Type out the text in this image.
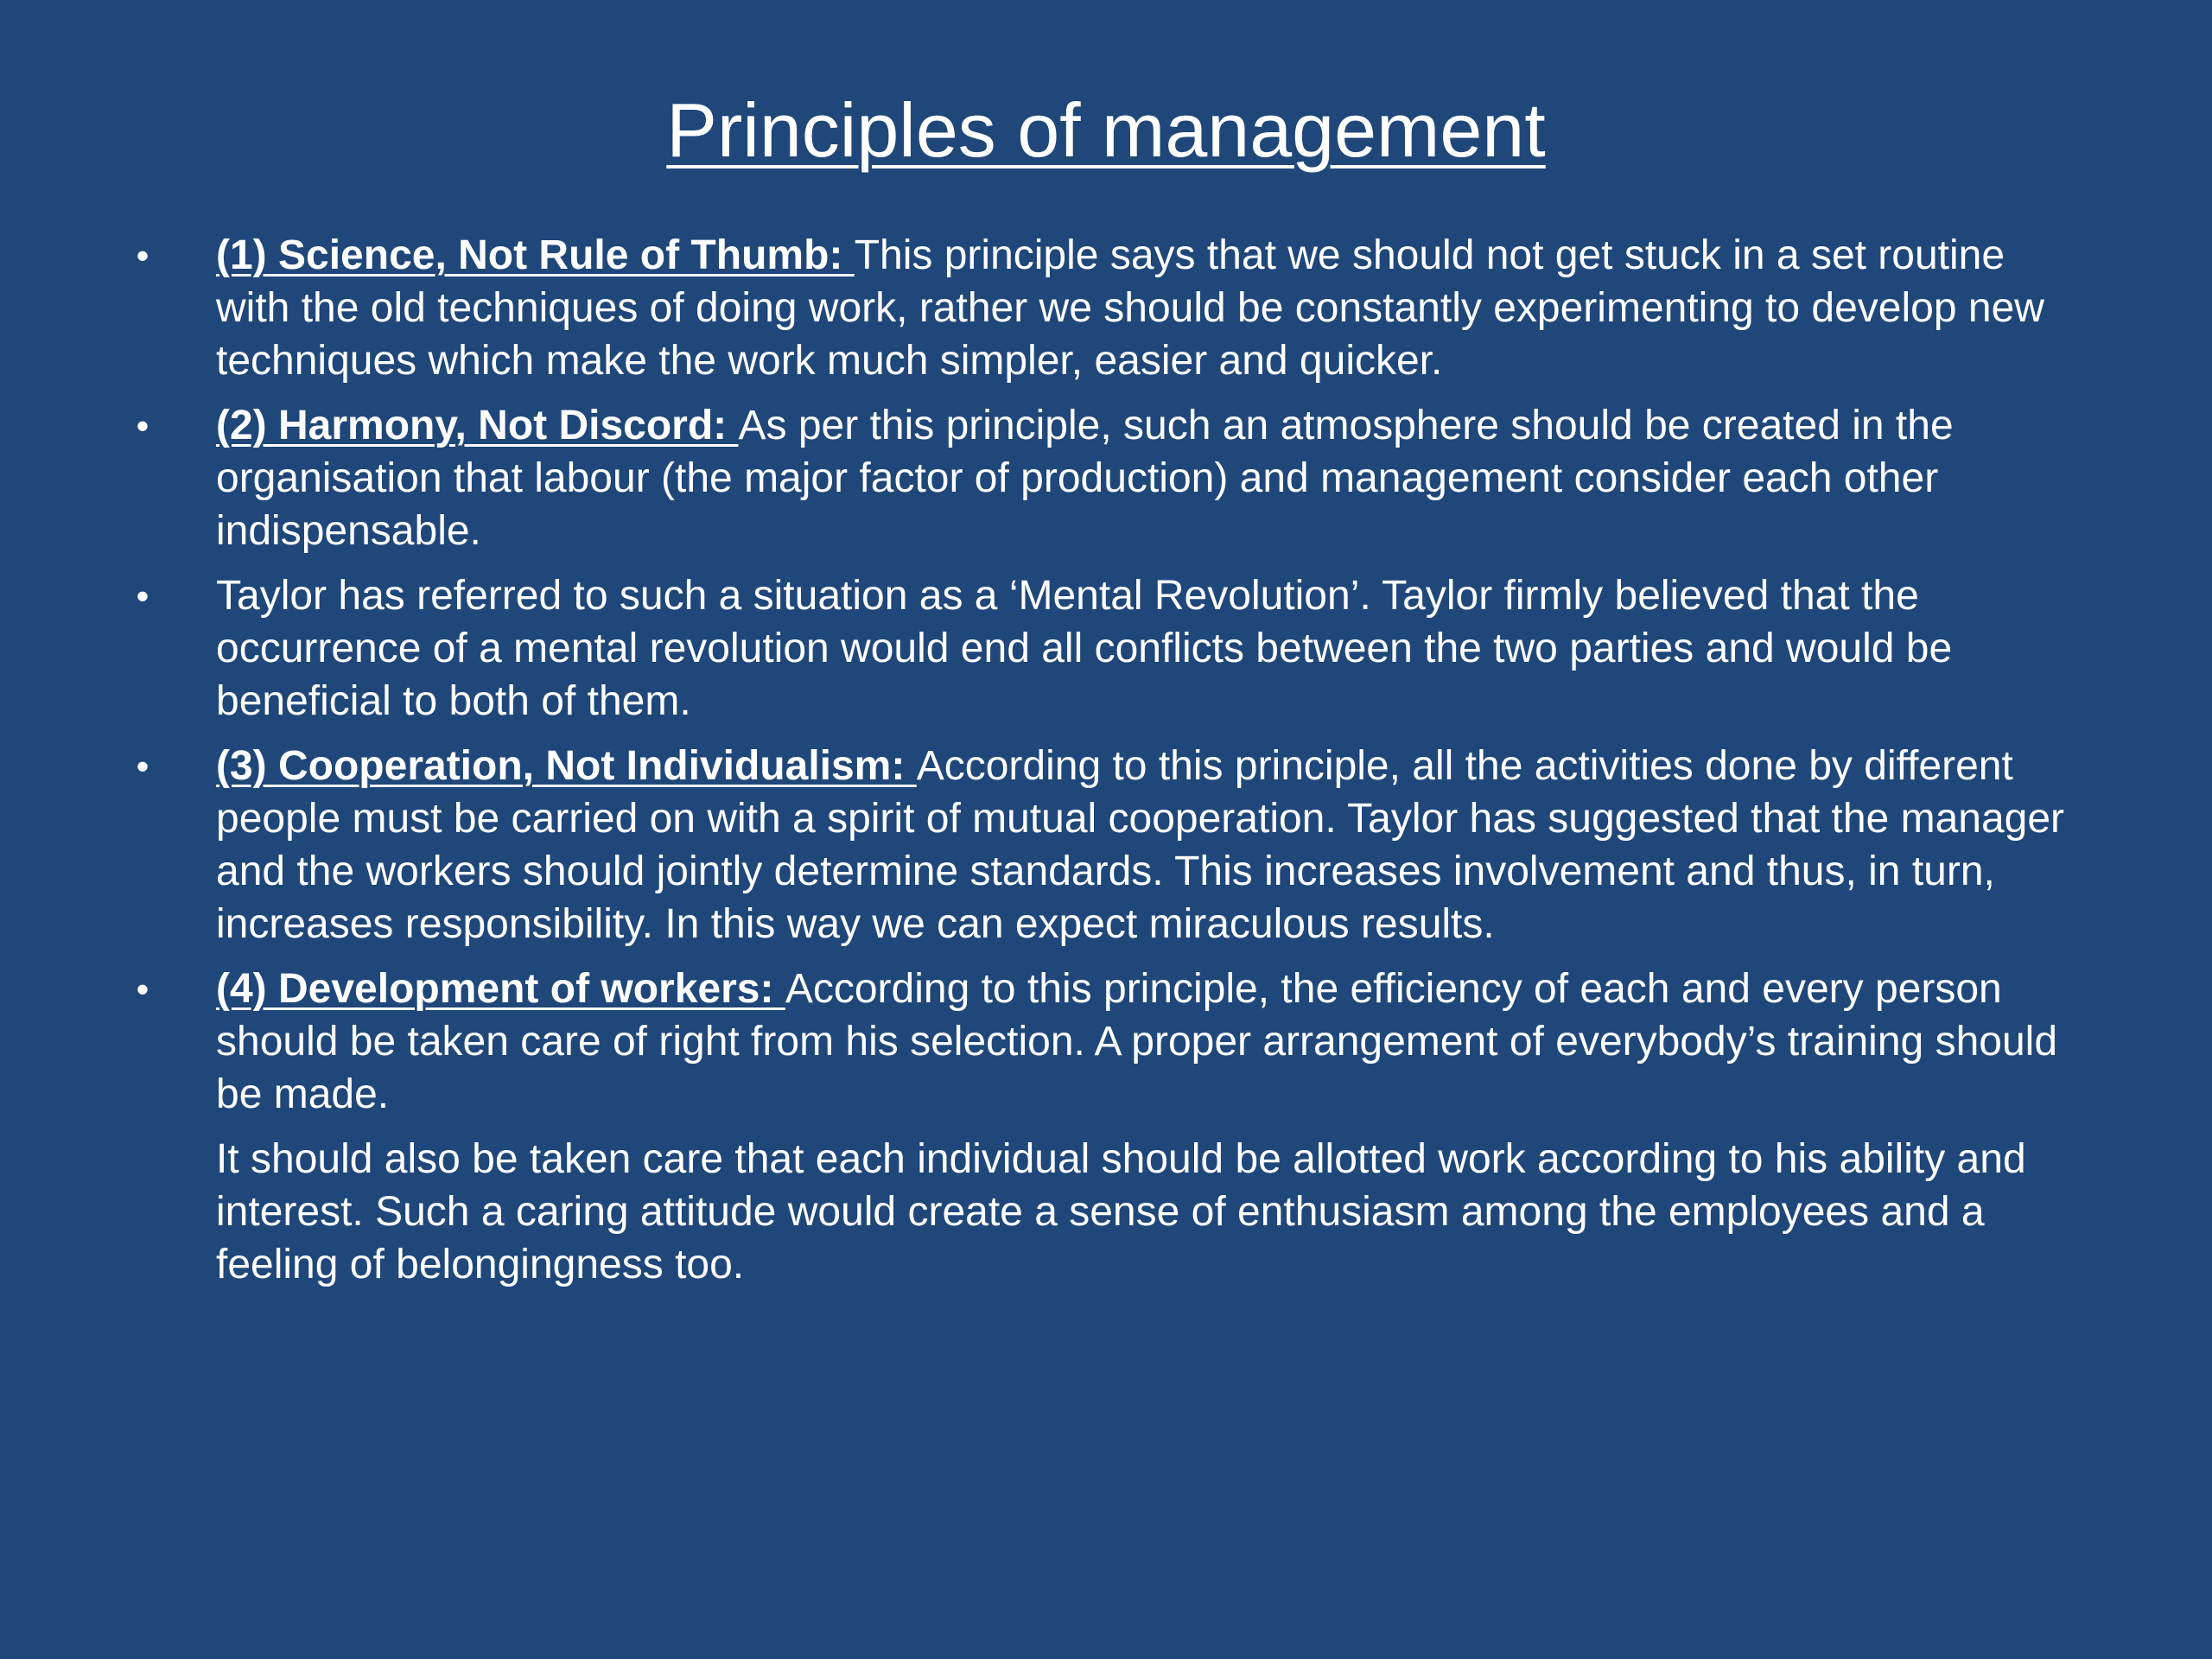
Principles of management
• (1) Science, Not Rule of Thumb: This principle says that we should not get stuck in a set routine with the old techniques of doing work, rather we should be constantly experimenting to develop new techniques which make the work much simpler, easier and quicker.
• (2) Harmony, Not Discord: As per this principle, such an atmosphere should be created in the organisation that labour (the major factor of production) and management consider each other indispensable.
• Taylor has referred to such a situation as a ‘Mental Revolution’. Taylor firmly believed that the occurrence of a mental revolution would end all conflicts between the two parties and would be beneficial to both of them.
• (3) Cooperation, Not Individualism: According to this principle, all the activities done by different people must be carried on with a spirit of mutual cooperation. Taylor has suggested that the manager and the workers should jointly determine standards. This increases involvement and thus, in turn, increases responsibility. In this way we can expect miraculous results.
• (4) Development of workers: According to this principle, the efficiency of each and every person should be taken care of right from his selection. A proper arrangement of everybody’s training should be made.
It should also be taken care that each individual should be allotted work according to his ability and interest. Such a caring attitude would create a sense of enthusiasm among the employees and a feeling of belongingness too.
